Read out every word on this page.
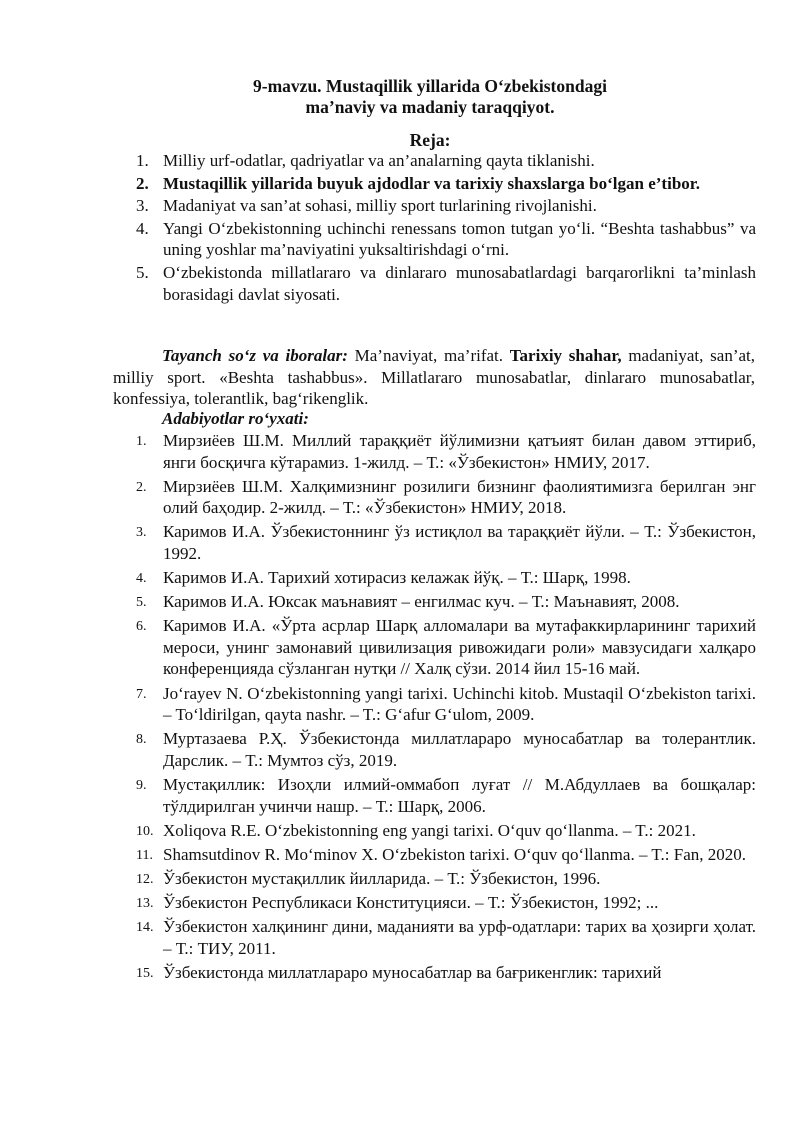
9-mavzu. Mustaqillik yillarida O‘zbekistondagi
ma’naviy va madaniy taraqqiyot.
Reja:
1. Milliy urf-odatlar, qadriyatlar va an’analarning qayta tiklanishi.
2. Mustaqillik yillarida buyuk ajdodlar va tarixiy shaxslarga bo‘lgan e’tibor.
3. Madaniyat va san’at sohasi, milliy sport turlarining rivojlanishi.
4. Yangi O‘zbekistonning uchinchi renessans tomon tutgan yo‘li. “Beshta tashabbus” va uning yoshlar ma’naviyatini yuksaltirishdagi o‘rni.
5. O‘zbekistonda millatlararo va dinlararo munosabatlardagi barqarorlikni ta’minlash borasidagi davlat siyosati.

Tayanch so‘z va iboralar: Ma’naviyat, ma’rifat. Tarixiy shahar, madaniyat, san’at, milliy sport. «Beshta tashabbus». Millatlararo munosabatlar, dinlararo munosabatlar, konfessiya, tolerantlik, bag‘rikenglik.

Adabiyotlar ro‘yxati:
1. Мирзиёев Ш.М. Миллий тараққиёт йўлимизни қатъият билан давом эттириб, янги босқичга кўтарамиз. 1-жилд. – Т.: «Ўзбекистон» НМИУ, 2017.
2. Мирзиёев Ш.М. Халқимизнинг розилиги бизнинг фаолиятимизга берилган энг олий баҳодир. 2-жилд. – Т.: «Ўзбекистон» НМИУ, 2018.
3. Каримов И.А. Ўзбекистоннинг ўз истиқлол ва тараққиёт йўли. – Т.: Ўзбекистон, 1992.
4. Каримов И.А. Тарихий хотирасиз келажак йўқ. – Т.: Шарқ, 1998.
5. Каримов И.А. Юксак маънавият – енгилмас куч. – Т.: Маънавият, 2008.
6. Каримов И.А. «Ўрта асрлар Шарқ алломалари ва мутафаккирларининг тарихий мероси, унинг замонавий цивилизация ривожидаги роли» мавзусидаги халқаро конференцияда сўзланган нутқи // Халқ сўзи. 2014 йил 15-16 май.
7. Jo‘rayev N. O‘zbekistonning yangi tarixi. Uchinchi kitob. Mustaqil O‘zbekiston tarixi. – To‘ldirilgan, qayta nashr. – T.: G‘afur G‘ulom, 2009.
8. Муртазаева Р.Ҳ. Ўзбекистонда миллатлараро муносабатлар ва толерантлик. Дарслик. – Т.: Мумтоз сўз, 2019.
9. Мустақиллик: Изоҳли илмий-оммабоп луғат // М.Абдуллаев ва бошқалар: тўлдирилган учинчи нашр. – Т.: Шарқ, 2006.
10. Xoliqova R.E. O‘zbekistonning eng yangi tarixi. O‘quv qo‘llanma. – T.: 2021.
11. Shamsutdinov R. Mo‘minov X. O‘zbekiston tarixi. O‘quv qo‘llanma. – T.: Fan, 2020.
12. Ўзбекистон мустақиллик йилларида. – Т.: Ўзбекистон, 1996.
13. Ўзбекистон Республикаси Конституцияси. – Т.: Ўзбекистон, 1992; ...
14. Ўзбекистон халқининг дини, маданияти ва урф-одатлари: тарих ва ҳозирги ҳолат. – Т.: ТИУ, 2011.
15. Ўзбекистонда миллатлараро муносабатлар ва бағрикенглик: тарихий
